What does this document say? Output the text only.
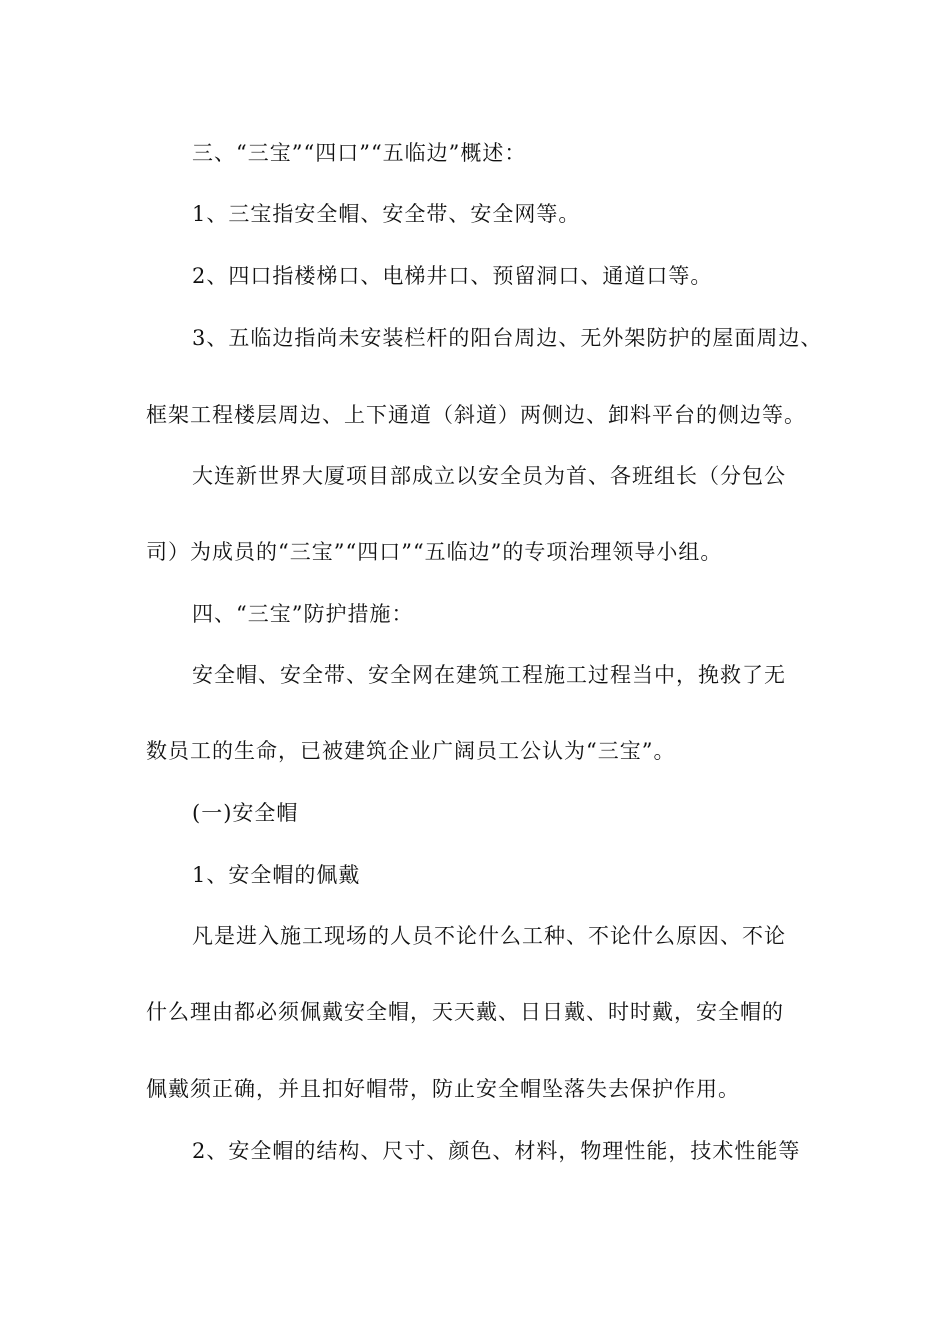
三、“三宝”“四口”“五临边”概述：
1、三宝指安全帽、安全带、安全网等。
2、四口指楼梯口、电梯井口、预留洞口、通道口等。
3、五临边指尚未安装栏杆的阳台周边、无外架防护的屋面周边、
框架工程楼层周边、上下通道（斜道）两侧边、卸料平台的侧边等。
大连新世界大厦项目部成立以安全员为首、各班组长（分包公
司）为成员的“三宝”“四口”“五临边”的专项治理领导小组。
四、“三宝”防护措施：
安全帽、安全带、安全网在建筑工程施工过程当中，挽救了无
数员工的生命，已被建筑企业广阔员工公认为“三宝”。
(一)安全帽
1、安全帽的佩戴
凡是进入施工现场的人员不论什么工种、不论什么原因、不论
什么理由都必须佩戴安全帽，天天戴、日日戴、时时戴，安全帽的
佩戴须正确，并且扣好帽带，防止安全帽坠落失去保护作用。
2、安全帽的结构、尺寸、颜色、材料，物理性能，技术性能等
